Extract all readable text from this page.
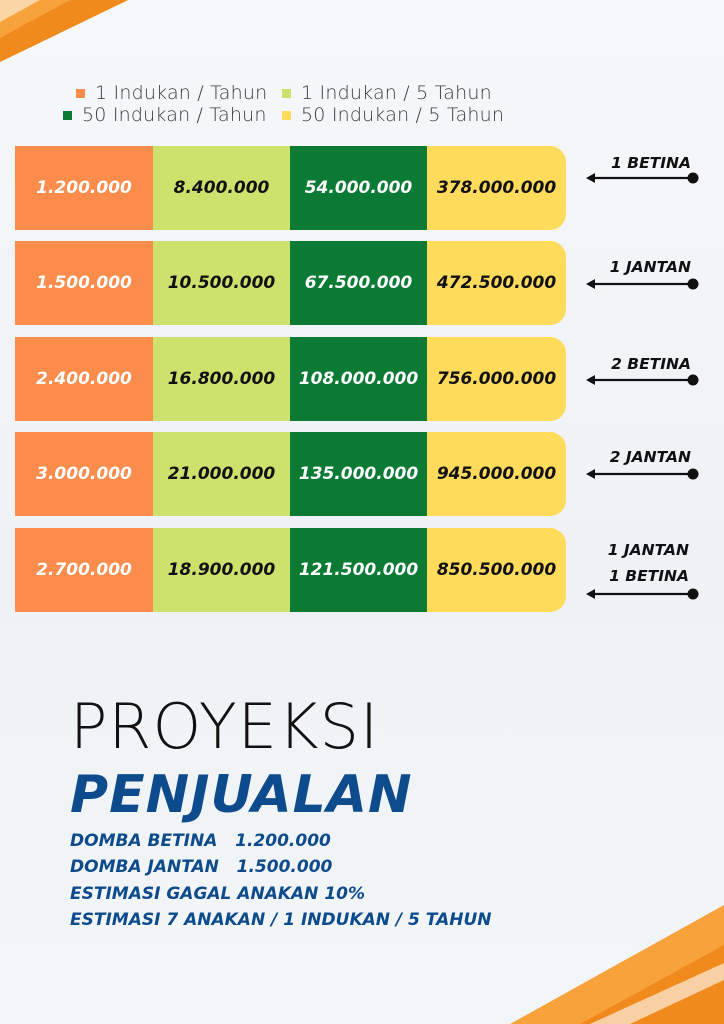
1 Indukan / Tahun 1 Indukan / 5 Tahun
50 Indukan / Tahun 50 Indukan / 5 Tahun
1.200.000	8.400.000	54.000.000	378.000.000
1.500.000	10.500.000	67.500.000	472.500.000
2.400.000	16.800.000	108.000.000	756.000.000
3.000.000	21.000.000	135.000.000	945.000.000
2.700.000	18.900.000	121.500.000	850.500.000
1 BETINA
1 JANTAN
2 BETINA
2 JANTAN
1 JANTAN
1 BETINA
PROYEKSI
PENJUALAN
DOMBA BETINA   1.200.000
DOMBA JANTAN   1.500.000
ESTIMASI GAGAL ANAKAN 10%
ESTIMASI 7 ANAKAN / 1 INDUKAN / 5 TAHUN
